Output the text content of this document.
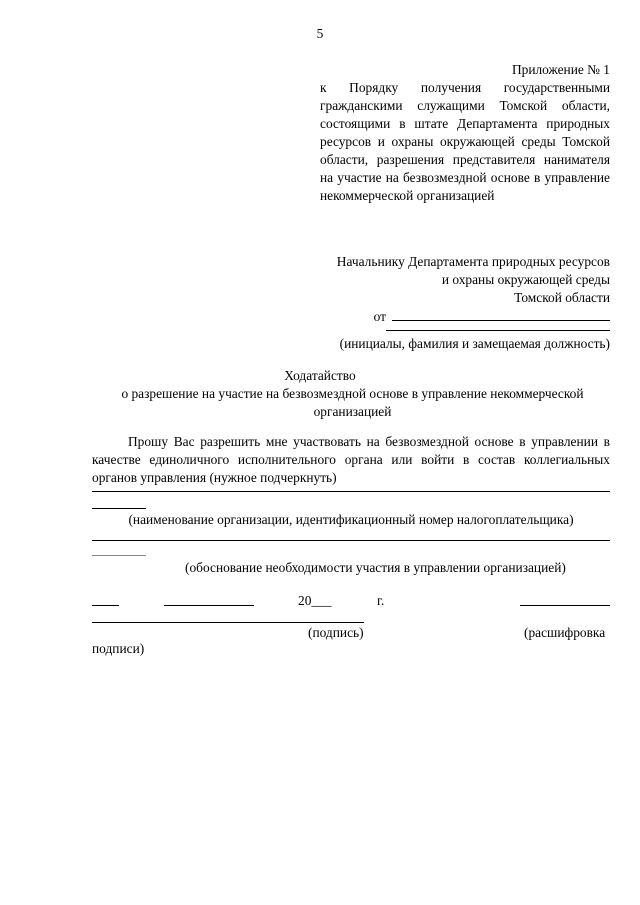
5
Приложение № 1
к Порядку получения государственными гражданскими служащими Томской области, состоящими в штате Департамента природных ресурсов и охраны окружающей среды Томской области, разрешения представителя нанимателя на участие на безвозмездной основе в управление некоммерческой организацией
Начальнику Департамента природных ресурсов
и охраны окружающей среды
Томской области
от
(инициалы, фамилия и замещаемая должность)
Ходатайство
о разрешение на участие на безвозмездной основе в управление некоммерческой организацией
Прошу Вас разрешить мне участвовать на безвозмездной основе в управлении в качестве единоличного исполнительного органа или войти в состав коллегиальных органов управления (нужное подчеркнуть)
(наименование организации, идентификационный номер налогоплательщика)
(обоснование необходимости участия в управлении организацией)
20___	г.
(подпись)	(расшифровка
подписи)
